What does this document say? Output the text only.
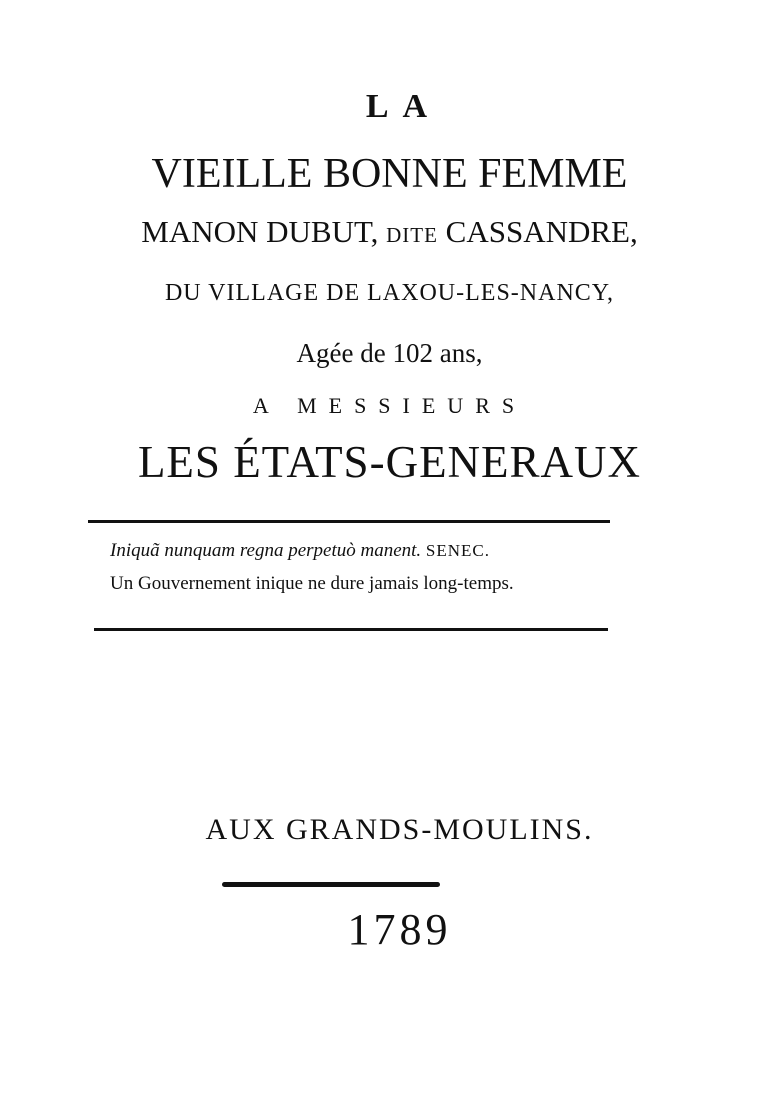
LA
VIEILLE BONNE FEMME
MANON DUBUT, DITE CASSANDRE,
DU VILLAGE DE LAXOU-LES-NANCY,
Agée de 102 ans,
A MESSIEURS
LES ÉTATS-GENERAUX
Iniquã nunquam regna perpetuò manent. SENEC.
Un Gouvernement inique ne dure jamais long-temps.
AUX GRANDS-MOULINS.
1789
